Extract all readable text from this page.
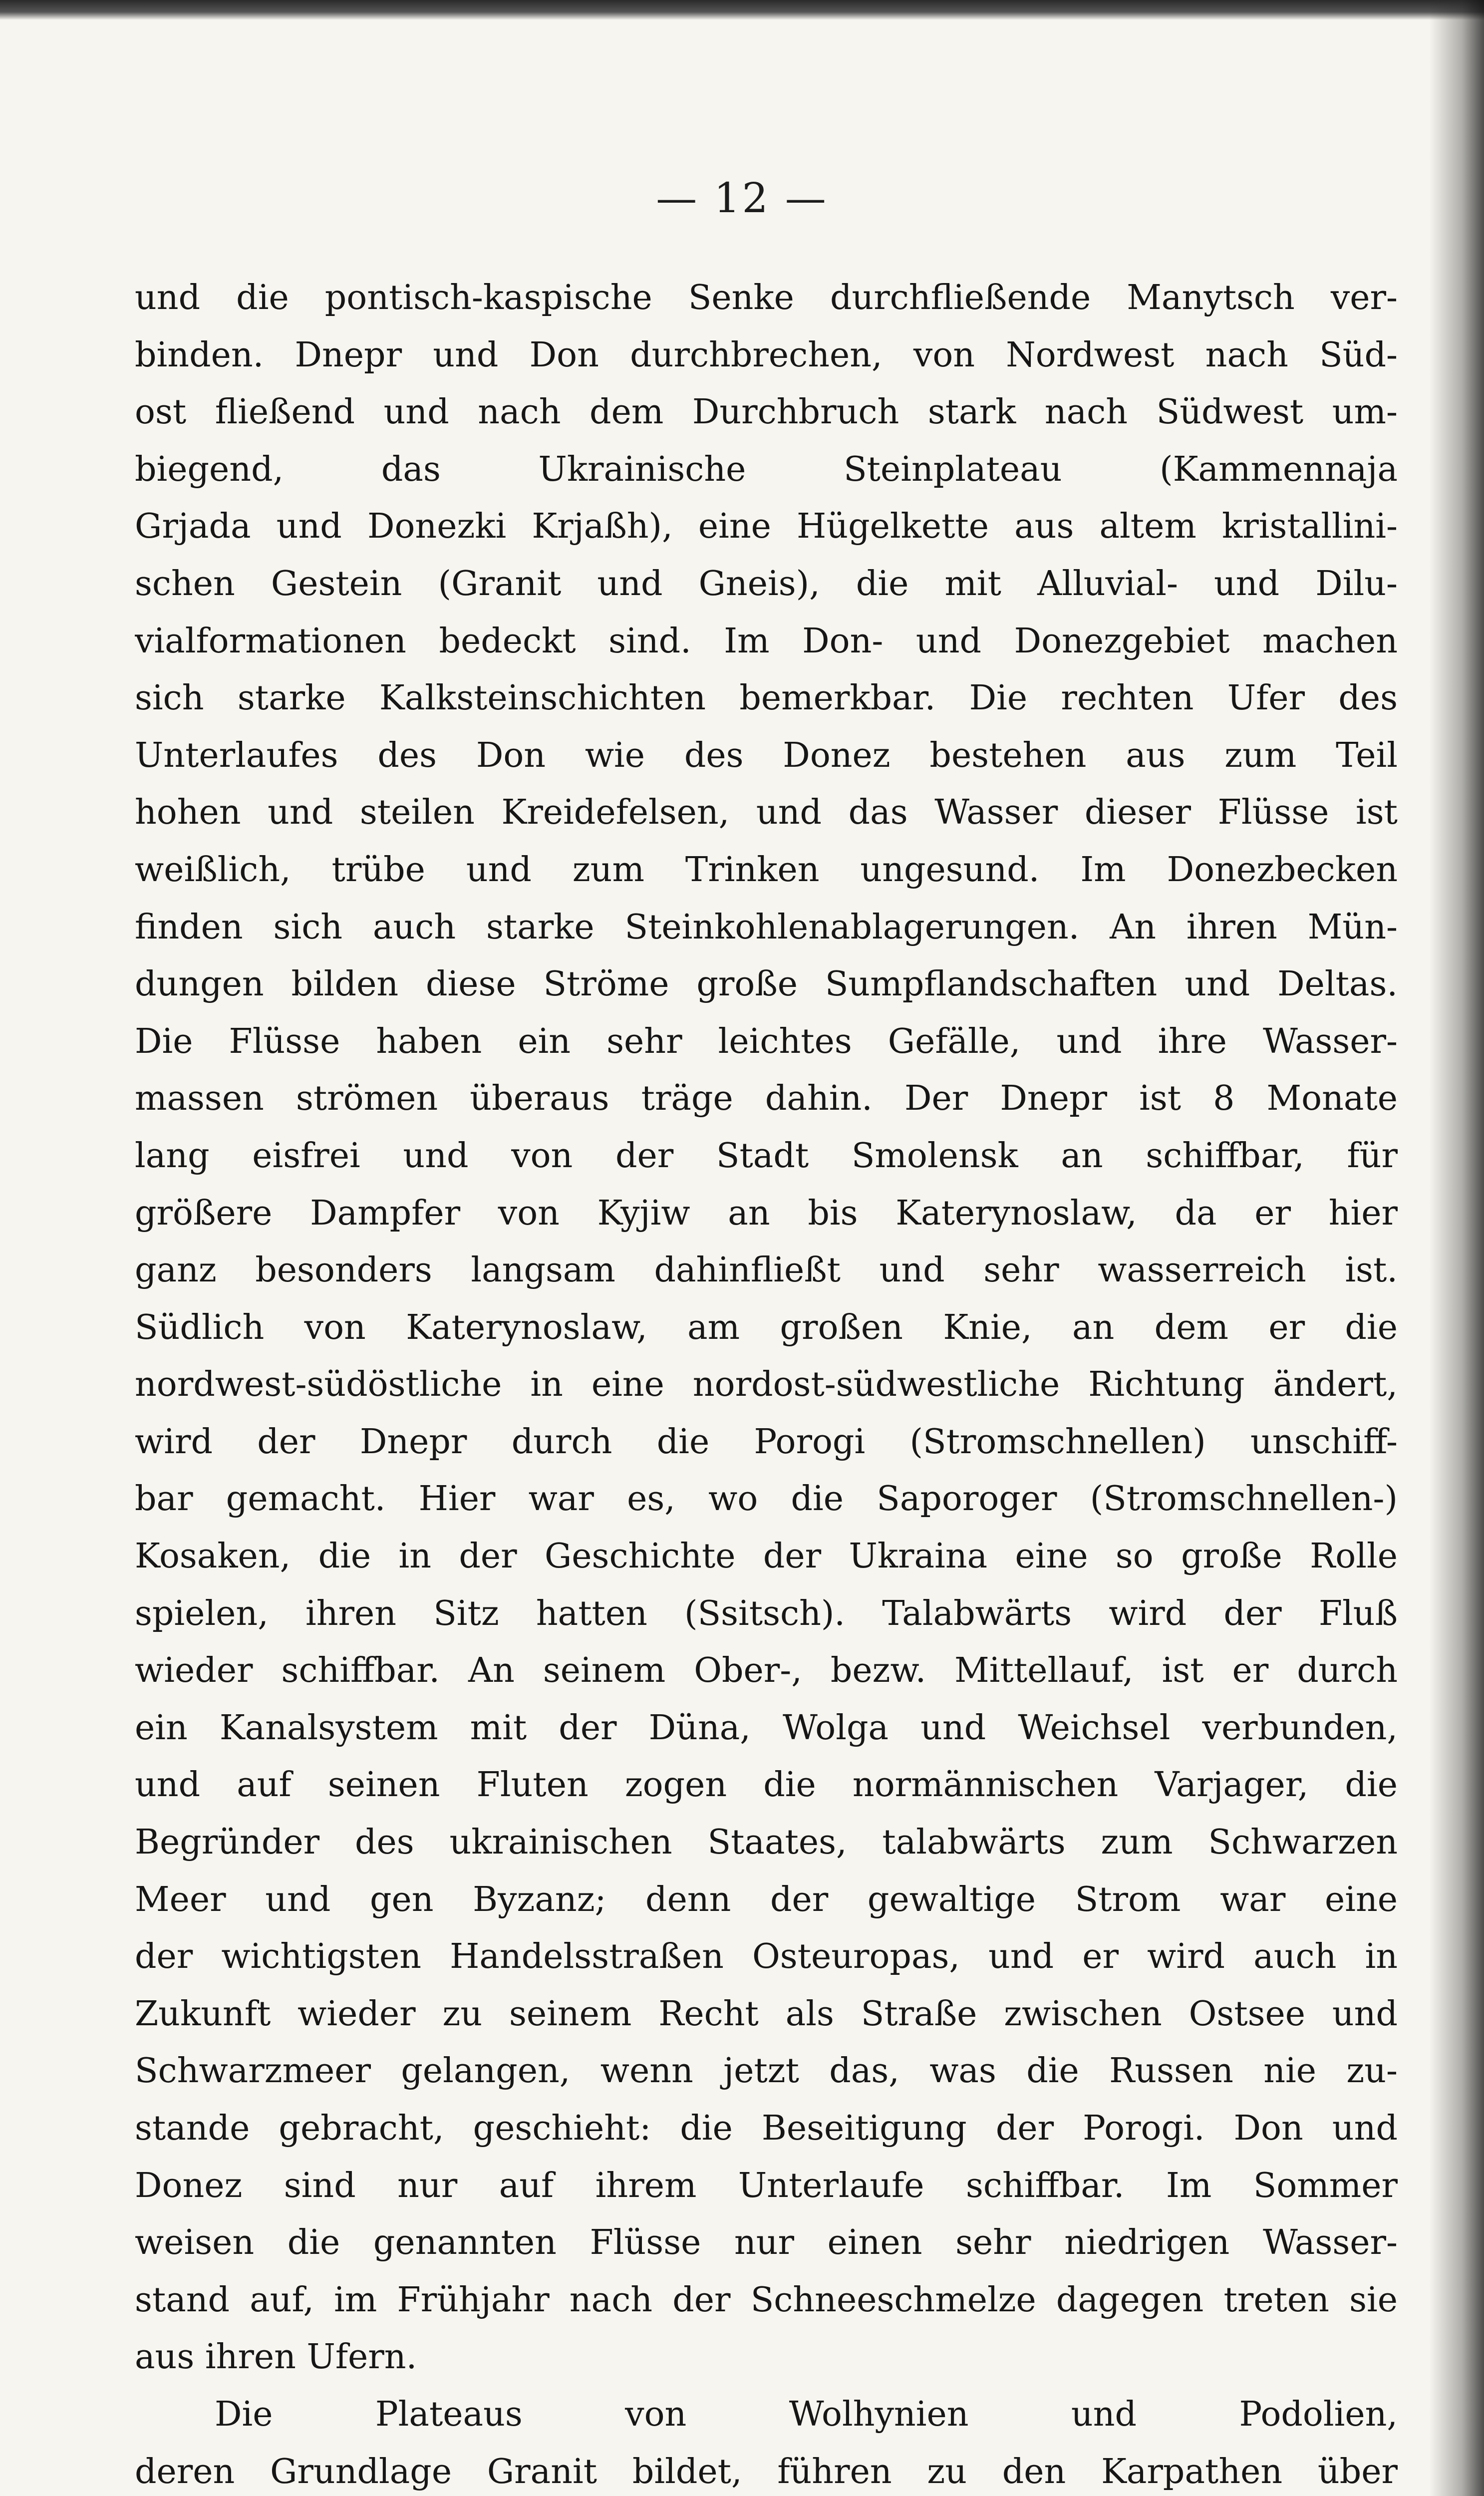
— 12 —
und die pontisch-kaspische Senke durchfließende Manytsch ver-
binden. Dnepr und Don durchbrechen, von Nordwest nach Süd-
ost fließend und nach dem Durchbruch stark nach Südwest um-
biegend, das Ukrainische Steinplateau (Kammennaja
Grjada und Donezki Krjaßh), eine Hügelkette aus altem kristallini-
schen Gestein (Granit und Gneis), die mit Alluvial- und Dilu-
vialformationen bedeckt sind. Im Don- und Donezgebiet machen
sich starke Kalksteinschichten bemerkbar. Die rechten Ufer des
Unterlaufes des Don wie des Donez bestehen aus zum Teil
hohen und steilen Kreidefelsen, und das Wasser dieser Flüsse ist
weißlich, trübe und zum Trinken ungesund. Im Donezbecken
finden sich auch starke Steinkohlenablagerungen. An ihren Mün-
dungen bilden diese Ströme große Sumpflandschaften und Deltas.
Die Flüsse haben ein sehr leichtes Gefälle, und ihre Wasser-
massen strömen überaus träge dahin. Der Dnepr ist 8 Monate
lang eisfrei und von der Stadt Smolensk an schiffbar, für
größere Dampfer von Kyjiw an bis Katerynoslaw, da er hier
ganz besonders langsam dahinfließt und sehr wasserreich ist.
Südlich von Katerynoslaw, am großen Knie, an dem er die
nordwest-südöstliche in eine nordost-südwestliche Richtung ändert,
wird der Dnepr durch die Porogi (Stromschnellen) unschiff-
bar gemacht. Hier war es, wo die Saporoger (Stromschnellen-)
Kosaken, die in der Geschichte der Ukraina eine so große Rolle
spielen, ihren Sitz hatten (Ssitsch). Talabwärts wird der Fluß
wieder schiffbar. An seinem Ober-, bezw. Mittellauf, ist er durch
ein Kanalsystem mit der Düna, Wolga und Weichsel verbunden,
und auf seinen Fluten zogen die normännischen Varjager, die
Begründer des ukrainischen Staates, talabwärts zum Schwarzen
Meer und gen Byzanz; denn der gewaltige Strom war eine
der wichtigsten Handelsstraßen Osteuropas, und er wird auch in
Zukunft wieder zu seinem Recht als Straße zwischen Ostsee und
Schwarzmeer gelangen, wenn jetzt das, was die Russen nie zu-
stande gebracht, geschieht: die Beseitigung der Porogi. Don und
Donez sind nur auf ihrem Unterlaufe schiffbar. Im Sommer
weisen die genannten Flüsse nur einen sehr niedrigen Wasser-
stand auf, im Frühjahr nach der Schneeschmelze dagegen treten sie
aus ihren Ufern.
Die Plateaus von Wolhynien und Podolien,
deren Grundlage Granit bildet, führen zu den Karpathen über
